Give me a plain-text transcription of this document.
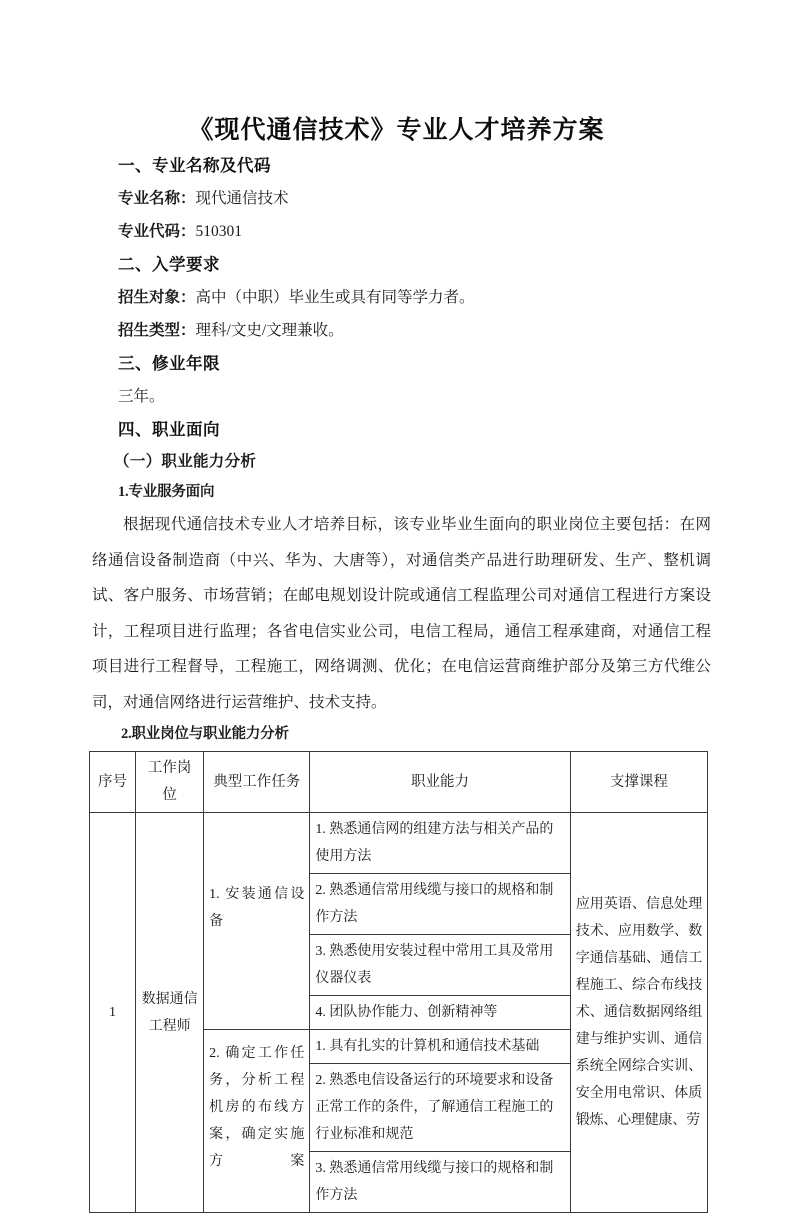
《现代通信技术》专业人才培养方案
一、专业名称及代码

专业名称：现代通信技术

专业代码：510301

二、入学要求

招生对象：高中（中职）毕业生或具有同等学力者。

招生类型：理科/文史/文理兼收。

三、修业年限

三年。

四、职业面向
（一）职业能力分析
1.专业服务面向

根据现代通信技术专业人才培养目标，该专业毕业生面向的职业岗位主要包括：在网络通信设备制造商（中兴、华为、大唐等），对通信类产品进行助理研发、生产、整机调试、客户服务、市场营销；在邮电规划设计院或通信工程监理公司对通信工程进行方案设计，工程项目进行监理；各省电信实业公司，电信工程局，通信工程承建商，对通信工程项目进行工程督导，工程施工，网络调测、优化；在电信运营商维护部分及第三方代维公司，对通信网络进行运营维护、技术支持。

2.职业岗位与职业能力分析
序号	工作岗位	典型工作任务	职业能力	支撑课程
1	数据通信工程师	1. 安装通信设备	1. 熟悉通信网的组建方法与相关产品的使用方法	应用英语、信息处理技术、应用数学、数字通信基础、通信工程施工、综合布线技术、通信数据网络组建与维护实训、通信系统全网综合实训、安全用电常识、体质锻炼、心理健康、劳
			2. 熟悉通信常用线缆与接口的规格和制作方法	
			3. 熟悉使用安装过程中常用工具及常用仪器仪表	
			4. 团队协作能力、创新精神等	

		2. 确定工作任务，分析工程机房的布线方案，确定实施方案	1. 具有扎实的计算机和通信技术基础	
			2. 熟悉电信设备运行的环境要求和设备正常工作的条件，了解通信工程施工的行业标准和规范	
			3. 熟悉通信常用线缆与接口的规格和制作方法	
